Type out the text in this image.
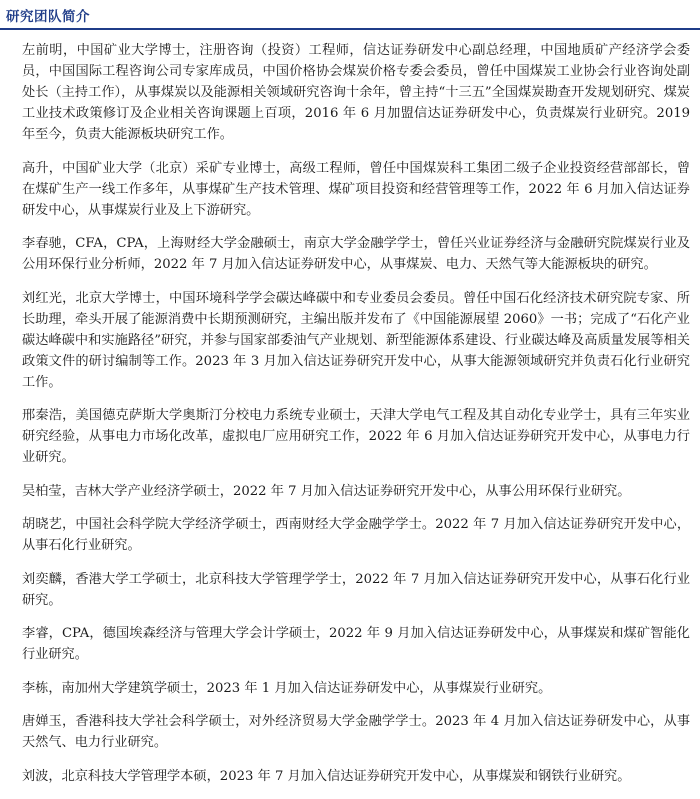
研究团队简介

左前明，中国矿业大学博士，注册咨询（投资）工程师，信达证券研发中心副总经理，中国地质矿产经济学会委员，中国国际工程咨询公司专家库成员，中国价格协会煤炭价格专委会委员，曾任中国煤炭工业协会行业咨询处副处长（主持工作），从事煤炭以及能源相关领域研究咨询十余年，曾主持“十三五”全国煤炭勘查开发规划研究、煤炭工业技术政策修订及企业相关咨询课题上百项，2016 年 6 月加盟信达证券研发中心，负责煤炭行业研究。2019 年至今，负责大能源板块研究工作。

高升，中国矿业大学（北京）采矿专业博士，高级工程师，曾任中国煤炭科工集团二级子企业投资经营部部长，曾在煤矿生产一线工作多年，从事煤矿生产技术管理、煤矿项目投资和经营管理等工作，2022 年 6 月加入信达证券研发中心，从事煤炭行业及上下游研究。

李春驰，CFA，CPA，上海财经大学金融硕士，南京大学金融学学士，曾任兴业证券经济与金融研究院煤炭行业及公用环保行业分析师，2022 年 7 月加入信达证券研发中心，从事煤炭、电力、天然气等大能源板块的研究。

刘红光，北京大学博士，中国环境科学学会碳达峰碳中和专业委员会委员。曾任中国石化经济技术研究院专家、所长助理，牵头开展了能源消费中长期预测研究，主编出版并发布了《中国能源展望 2060》一书；完成了“石化产业碳达峰碳中和实施路径”研究，并参与国家部委油气产业规划、新型能源体系建设、行业碳达峰及高质量发展等相关政策文件的研讨编制等工作。2023 年 3 月加入信达证券研究开发中心，从事大能源领域研究并负责石化行业研究工作。

邢秦浩，美国德克萨斯大学奥斯汀分校电力系统专业硕士，天津大学电气工程及其自动化专业学士，具有三年实业研究经验，从事电力市场化改革，虚拟电厂应用研究工作，2022 年 6 月加入信达证券研究开发中心，从事电力行业研究。

吴柏莹，吉林大学产业经济学硕士，2022 年 7 月加入信达证券研究开发中心，从事公用环保行业研究。

胡晓艺，中国社会科学院大学经济学硕士，西南财经大学金融学学士。2022 年 7 月加入信达证券研究开发中心，从事石化行业研究。

刘奕麟，香港大学工学硕士，北京科技大学管理学学士，2022 年 7 月加入信达证券研究开发中心，从事石化行业研究。

李睿，CPA，德国埃森经济与管理大学会计学硕士，2022 年 9 月加入信达证券研发中心，从事煤炭和煤矿智能化行业研究。

李栋，南加州大学建筑学硕士，2023 年 1 月加入信达证券研发中心，从事煤炭行业研究。

唐婵玉，香港科技大学社会科学硕士，对外经济贸易大学金融学学士。2023 年 4 月加入信达证券研发中心，从事天然气、电力行业研究。

刘波，北京科技大学管理学本硕，2023 年 7 月加入信达证券研究开发中心，从事煤炭和钢铁行业研究。
